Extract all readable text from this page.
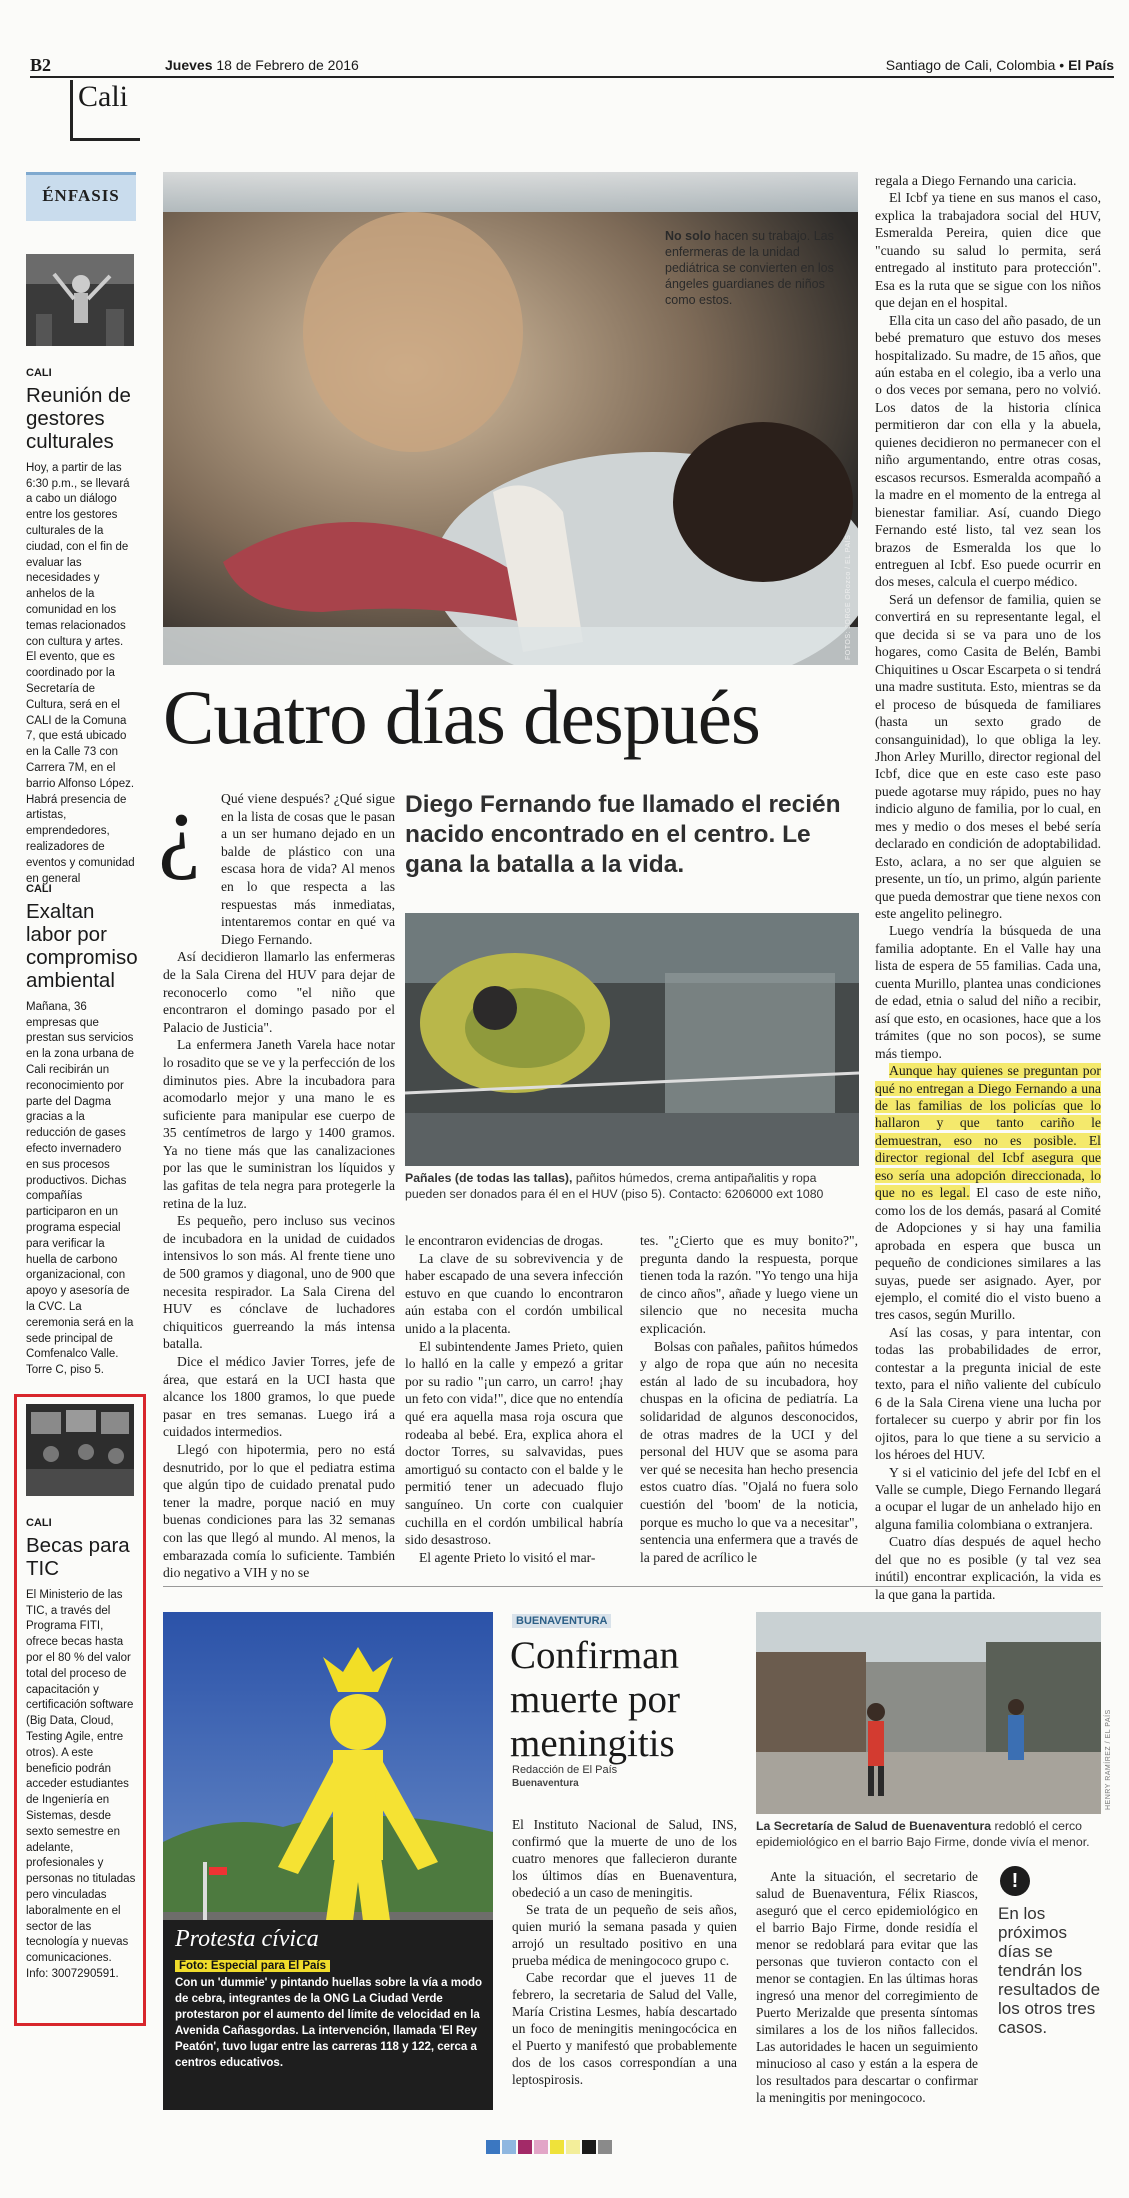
B2	Jueves 18 de Febrero de 2016	Santiago de Cali, Colombia • El País
Cali
ÉNFASIS
CALI
Reunión de gestores culturales

Hoy, a partir de las 6:30 p.m., se llevará a cabo un diálogo entre los gestores culturales de la ciudad, con el fin de evaluar las necesidades y anhelos de la comunidad en los temas relacionados con cultura y artes. El evento, que es coordinado por la Secretaría de Cultura, será en el CALI de la Comuna 7, que está ubicado en la Calle 73 con Carrera 7M, en el barrio Alfonso López. Habrá presencia de artistas, emprendedores, realizadores de eventos y comunidad en general

CALI
Exaltan labor por compromiso ambiental

Mañana, 36 empresas que prestan sus servicios en la zona urbana de Cali recibirán un reconocimiento por parte del Dagma gracias a la reducción de gases efecto invernadero en sus procesos productivos. Dichas compañías participaron en un programa especial para verificar la huella de carbono organizacional, con apoyo y asesoría de la CVC. La ceremonia será en la sede principal de Comfenalco Valle. Torre C, piso 5.

CALI
Becas para TIC

El Ministerio de las TIC, a través del Programa FITI, ofrece becas hasta por el 80 % del valor total del proceso de capacitación y certificación software (Big Data, Cloud, Testing Agile, entre otros). A este beneficio podrán acceder estudiantes de Ingeniería en Sistemas, desde sexto semestre en adelante, profesionales y personas no tituladas pero vinculadas laboralmente en el sector de las tecnología y nuevas comunicaciones. Info: 3007290591.

No solo hacen su trabajo. Las enfermeras de la unidad pediátrica se convierten en los ángeles guardianes de niños como estos.
FOTOS: JORGE ORozco / EL PAÍS
Cuatro días después
Diego Fernando fue llamado el recién nacido encontrado en el centro. Le gana la batalla a la vida.
Pañales (de todas las tallas), pañitos húmedos, crema antipañalitis y ropa pueden ser donados para él en el HUV (piso 5). Contacto: 6206000 ext 1080
¿	Qué viene después? ¿Qué sigue en la lista de cosas que le pasan a un ser humano dejado en un balde de plástico con una escasa hora de vida? Al menos en lo que respecta a las respuestas más inmediatas, intentaremos contar en qué va Diego Fernando.

Así decidieron llamarlo las enfermeras de la Sala Cirena del HUV para dejar de reconocerlo como "el niño que encontraron el domingo pasado por el Palacio de Justicia".

La enfermera Janeth Varela hace notar lo rosadito que se ve y la perfección de los diminutos pies. Abre la incubadora para acomodarlo mejor y una mano le es suficiente para manipular ese cuerpo de 35 centímetros de largo y 1400 gramos. Ya no tiene más que las canalizaciones por las que le suministran los líquidos y las gafitas de tela negra para protegerle la retina de la luz.

Es pequeño, pero incluso sus vecinos de incubadora en la unidad de cuidados intensivos lo son más. Al frente tiene uno de 500 gramos y diagonal, uno de 900 que necesita respirador. La Sala Cirena del HUV es cónclave de luchadores chiquiticos guerreando la más intensa batalla.

Dice el médico Javier Torres, jefe de área, que estará en la UCI hasta que alcance los 1800 gramos, lo que puede pasar en tres semanas. Luego irá a cuidados intermedios.

Llegó con hipotermia, pero no está desnutrido, por lo que el pediatra estima que algún tipo de cuidado prenatal pudo tener la madre, porque nació en muy buenas condiciones para las 32 semanas con las que llegó al mundo. Al menos, la embarazada comía lo suficiente. También dio negativo a VIH y no se

le encontraron evidencias de drogas.

La clave de su sobrevivencia y de haber escapado de una severa infección estuvo en que cuando lo encontraron aún estaba con el cordón umbilical unido a la placenta.

El subintendente James Prieto, quien lo halló en la calle y empezó a gritar por su radio "¡un carro, un carro! ¡hay un feto con vida!", dice que no entendía qué era aquella masa roja oscura que rodeaba al bebé. Era, explica ahora el doctor Torres, su salvavidas, pues amortiguó su contacto con el balde y le permitió tener un adecuado flujo sanguíneo. Un corte con cualquier cuchilla en el cordón umbilical habría sido desastroso.

El agente Prieto lo visitó el mar-

tes. "¿Cierto que es muy bonito?", pregunta dando la respuesta, porque tienen toda la razón. "Yo tengo una hija de cinco años", añade y luego viene un silencio que no necesita mucha explicación.

Bolsas con pañales, pañitos húmedos y algo de ropa que aún no necesita están al lado de su incubadora, hoy chuspas en la oficina de pediatría. La solidaridad de algunos desconocidos, de otras madres de la UCI y del personal del HUV que se asoma para ver qué se necesita han hecho presencia estos cuatro días. "Ojalá no fuera solo cuestión del 'boom' de la noticia, porque es mucho lo que va a necesitar", sentencia una enfermera que a través de la pared de acrílico le

regala a Diego Fernando una caricia.

El Icbf ya tiene en sus manos el caso, explica la trabajadora social del HUV, Esmeralda Pereira, quien dice que "cuando su salud lo permita, será entregado al instituto para protección". Esa es la ruta que se sigue con los niños que dejan en el hospital.

Ella cita un caso del año pasado, de un bebé prematuro que estuvo dos meses hospitalizado. Su madre, de 15 años, que aún estaba en el colegio, iba a verlo una o dos veces por semana, pero no volvió. Los datos de la historia clínica permitieron dar con ella y la abuela, quienes decidieron no permanecer con el niño argumentando, entre otras cosas, escasos recursos. Esmeralda acompañó a la madre en el momento de la entrega al bienestar familiar. Así, cuando Diego Fernando esté listo, tal vez sean los brazos de Esmeralda los que lo entreguen al Icbf. Eso puede ocurrir en dos meses, calcula el cuerpo médico.

Será un defensor de familia, quien se convertirá en su representante legal, el que decida si se va para uno de los hogares, como Casita de Belén, Bambi Chiquitines u Oscar Escarpeta o si tendrá una madre sustituta. Esto, mientras se da el proceso de búsqueda de familiares (hasta un sexto grado de consanguinidad), lo que obliga la ley. Jhon Arley Murillo, director regional del Icbf, dice que en este caso este paso puede agotarse muy rápido, pues no hay indicio alguno de familia, por lo cual, en mes y medio o dos meses el bebé sería declarado en condición de adoptabilidad. Esto, aclara, a no ser que alguien se presente, un tío, un primo, algún pariente que pueda demostrar que tiene nexos con este angelito pelinegro.

Luego vendría la búsqueda de una familia adoptante. En el Valle hay una lista de espera de 55 familias. Cada una, cuenta Murillo, plantea unas condiciones de edad, etnia o salud del niño a recibir, así que esto, en ocasiones, hace que a los trámites (que no son pocos), se sume más tiempo.

Aunque hay quienes se preguntan por qué no entregan a Diego Fernando a una de las familias de los policías que lo hallaron y que tanto cariño le demuestran, eso no es posible. El director regional del Icbf asegura que eso sería una adopción direccionada, lo que no es legal. El caso de este niño, como los de los demás, pasará al Comité de Adopciones y si hay una familia aprobada en espera que busca un pequeño de condiciones similares a las suyas, puede ser asignado. Ayer, por ejemplo, el comité dio el visto bueno a tres casos, según Murillo.

Así las cosas, y para intentar, con todas las probabilidades de error, contestar a la pregunta inicial de este texto, para el niño valiente del cubículo 6 de la Sala Cirena viene una lucha por fortalecer su cuerpo y abrir por fin los ojitos, para lo que tiene a su servicio a los héroes del HUV.

Y si el vaticinio del jefe del Icbf en el Valle se cumple, Diego Fernando llegará a ocupar el lugar de un anhelado hijo en alguna familia colombiana o extranjera.

Cuatro días después de aquel hecho del que no es posible (y tal vez sea inútil) encontrar explicación, la vida es la que gana la partida.

Protesta cívica
Foto: Especial para El País
Con un 'dummie' y pintando huellas sobre la vía a modo de cebra, integrantes de la ONG La Ciudad Verde protestaron por el aumento del límite de velocidad en la Avenida Cañasgordas. La intervención, llamada 'El Rey Peatón', tuvo lugar entre las carreras 118 y 122, cerca a centros educativos.
BUENAVENTURA
Confirman muerte por meningitis
Redacción de El País
Buenaventura

El Instituto Nacional de Salud, INS, confirmó que la muerte de uno de los cuatro menores que fallecieron durante los últimos días en Buenaventura, obedeció a un caso de meningitis.

Se trata de un pequeño de seis años, quien murió la semana pasada y quien arrojó un resultado positivo en una prueba médica de meningococo grupo c.

Cabe recordar que el jueves 11 de febrero, la secretaria de Salud del Valle, María Cristina Lesmes, había descartado un foco de meningitis meningocócica en el Puerto y manifestó que probablemente dos de los casos correspondían a una leptospirosis.

HENRY RAMÍREZ / EL PAÍS
La Secretaría de Salud de Buenaventura redobló el cerco epidemiológico en el barrio Bajo Firme, donde vivía el menor.

Ante la situación, el secretario de salud de Buenaventura, Félix Riascos, aseguró que el cerco epidemiológico en el barrio Bajo Firme, donde residía el menor se redoblará para evitar que las personas que tuvieron contacto con el menor se contagien. En las últimas horas ingresó una menor del corregimiento de Puerto Merizalde que presenta síntomas similares a los de los niños fallecidos. Las autoridades le hacen un seguimiento minucioso al caso y están a la espera de los resultados para descartar o confirmar la meningitis por meningococo.

!
En los próximos días se tendrán los resultados de los otros tres casos.
